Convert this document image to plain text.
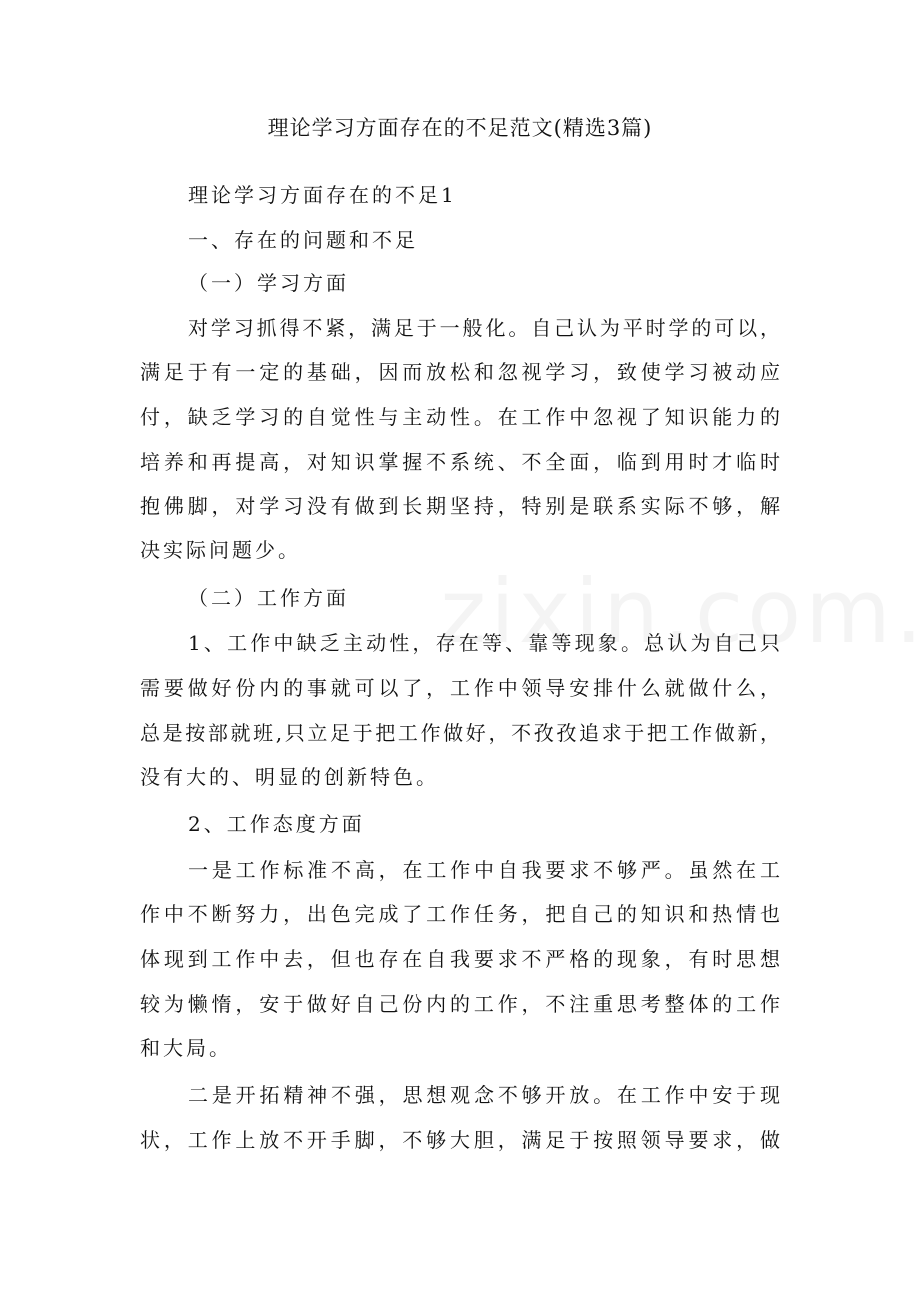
理论学习方面存在的不足范文(精选3篇)
理论学习方面存在的不足1
一、存在的问题和不足
（一）学习方面
对学习抓得不紧，满足于一般化。自己认为平时学的可以，
满足于有一定的基础，因而放松和忽视学习，致使学习被动应
付，缺乏学习的自觉性与主动性。在工作中忽视了知识能力的
培养和再提高，对知识掌握不系统、不全面，临到用时才临时
抱佛脚，对学习没有做到长期坚持，特别是联系实际不够，解
决实际问题少。
（二）工作方面
1、工作中缺乏主动性，存在等、靠等现象。总认为自己只
需要做好份内的事就可以了，工作中领导安排什么就做什么，
总是按部就班,只立足于把工作做好，不孜孜追求于把工作做新，
没有大的、明显的创新特色。
2、工作态度方面
一是工作标准不高，在工作中自我要求不够严。虽然在工
作中不断努力，出色完成了工作任务，把自己的知识和热情也
体现到工作中去，但也存在自我要求不严格的现象，有时思想
较为懒惰，安于做好自己份内的工作，不注重思考整体的工作
和大局。
二是开拓精神不强，思想观念不够开放。在工作中安于现
状，工作上放不开手脚，不够大胆，满足于按照领导要求，做
